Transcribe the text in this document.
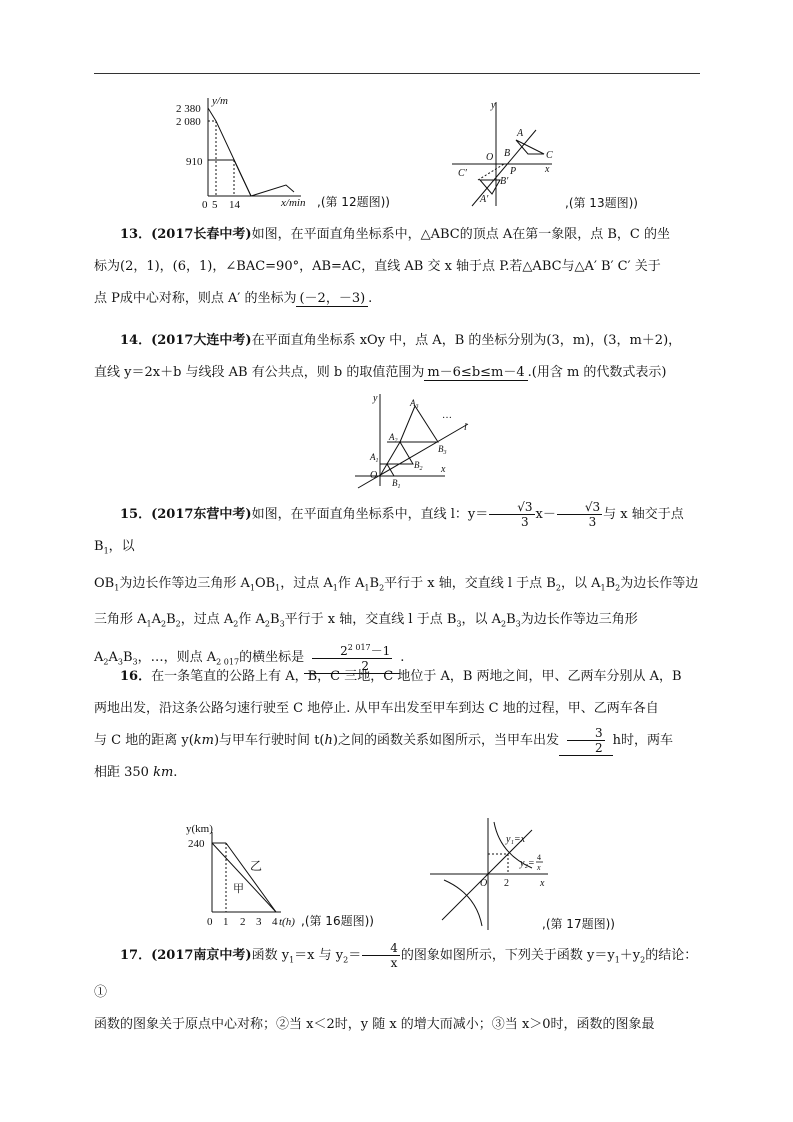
y/m
2 380
2 080
910
0 5 14	x/min ,(第 12题图))
y
x
O
A
B	C
P
C′
B′
A′	,(第 13题图))
13．(2017长春中考)如图，在平面直角坐标系中，△ABC的顶点 A在第一象限，点 B，C 的坐
标为(2，1)，(6，1)，∠BAC=90°，AB=AC，直线 AB 交 x 轴于点 P.若△ABC与△A′ B′ C′ 关于
点 P成中心对称，则点 A′ 的坐标为 (－2，－3) .
14．(2017大连中考)在平面直角坐标系 xOy 中，点 A，B 的坐标分别为(3，m)，(3，m＋2)，
直线 y＝2x＋b 与线段 AB 有公共点，则 b 的取值范围为 m－6≤b≤m－4 .(用含 m 的代数式表示)
y
x
O
l
$A_1$
$A_2$
$A_3$
$B_1$
$B_2$
$B_3$
…
15．(2017东营中考)如图，在平面直角坐标系中，直线 l：$y= \frac{√3}{3} x- \frac{√3}{3}$ 与 x 轴交于点 $B_1$，以
$OB_1$为边长作等边三角形 $A_1OB_1$，过点 $A_1$作 $A_1B_2$平行于 x 轴，交直线 l 于点 $B_2$，以 $A_1B_2$为边长作等边
三角形 $A_1A_2B_2$，过点 $A_2$作 $A_2B_3$平行于 x 轴，交直线 l 于点 $B_3$，以 $A_2B_3$为边长作等边三角形
$A_2A_3B_3$，…，则点 $A_{2 017}$的横坐标是 $\frac{2^{2 017}-1}{2}$ .
16．在一条笔直的公路上有 A，B，C 三地，C 地位于 A，B 两地之间，甲、乙两车分别从 A，B
两地出发，沿这条公路匀速行驶至 C 地停止. 从甲车出发至甲车到达 C 地的过程，甲、乙两车各自
与 C 地的距离 y(km)与甲车行驶时间 t(h)之间的函数关系如图所示，当甲车出发 $\frac{3}{2}$ h时，两车
相距 350 km.
y(km)
240
乙
甲
0 1 2 3 4 t(h) ,(第 16题图))
y₁=x
y₂=
4
x
O 2	x
,(第 17题图))
17．(2017南京中考)函数 $y_1=x$ 与 $y_2= \frac{4}{x}$ 的图象如图所示，下列关于函数 $y=y_1+y_2$的结论：①
函数的图象关于原点中心对称；②当 x＜2时，y 随 x 的增大而减小；③当 x＞0时，函数的图象最
